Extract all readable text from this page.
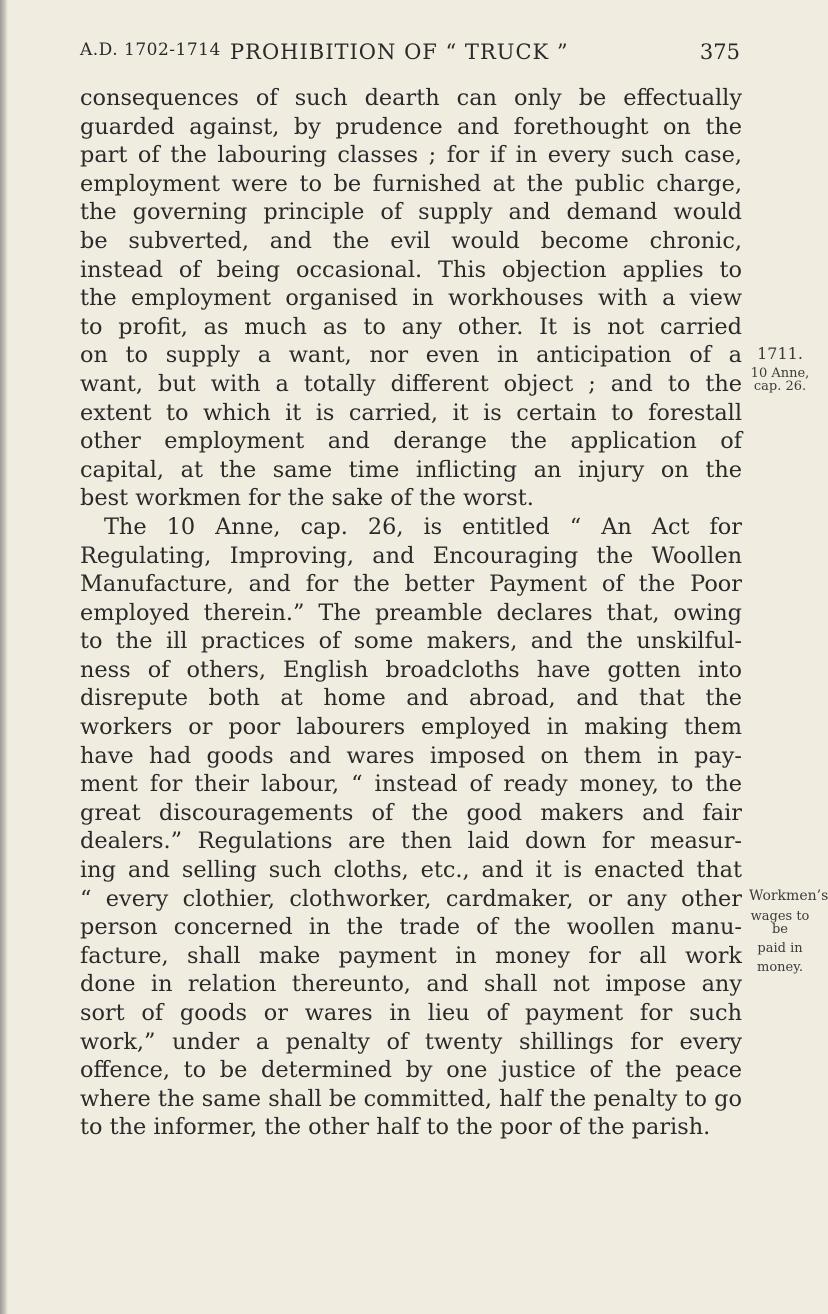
A.D. 1702-1714 PROHIBITION OF “ TRUCK ”	375
consequences of such dearth can only be effectually
guarded against, by prudence and forethought on the
part of the labouring classes ; for if in every such case,
employment were to be furnished at the public charge,
the governing principle of supply and demand would
be subverted, and the evil would become chronic,
instead of being occasional. This objection applies to
the employment organised in workhouses with a view
to profit, as much as to any other. It is not carried
on to supply a want, nor even in anticipation of a
want, but with a totally different object ; and to the
extent to which it is carried, it is certain to forestall
other employment and derange the application of
capital, at the same time inflicting an injury on the
best workmen for the sake of the worst.
The 10 Anne, cap. 26, is entitled “ An Act for
Regulating, Improving, and Encouraging the Woollen
Manufacture, and for the better Payment of the Poor
employed therein.” The preamble declares that, owing
to the ill practices of some makers, and the unskilful-
ness of others, English broadcloths have gotten into
disrepute both at home and abroad, and that the
workers or poor labourers employed in making them
have had goods and wares imposed on them in pay-
ment for their labour, “ instead of ready money, to the
great discouragements of the good makers and fair
dealers.” Regulations are then laid down for measur-
ing and selling such cloths, etc., and it is enacted that
“ every clothier, clothworker, cardmaker, or any other
person concerned in the trade of the woollen manu-
facture, shall make payment in money for all work
done in relation thereunto, and shall not impose any
sort of goods or wares in lieu of payment for such
work,” under a penalty of twenty shillings for every
offence, to be determined by one justice of the peace
where the same shall be committed, half the penalty to go
to the informer, the other half to the poor of the parish.
1711.
10 Anne,
cap. 26.
Workmen’s
wages to be
paid in
money.
